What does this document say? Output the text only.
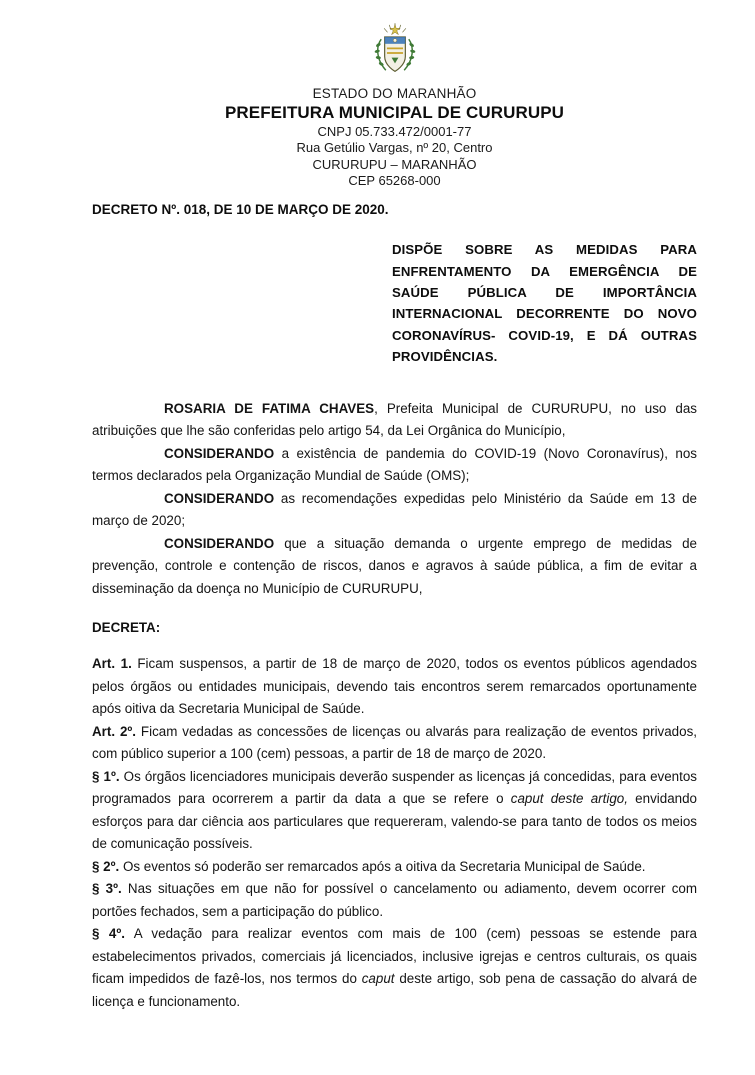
ESTADO DO MARANHÃO
PREFEITURA MUNICIPAL DE CURURUPU
CNPJ 05.733.472/0001-77
Rua Getúlio Vargas, nº 20, Centro
CURURUPU – MARANHÃO
CEP 65268-000
DECRETO Nº. 018, DE 10 DE MARÇO DE 2020.
DISPÕE SOBRE AS MEDIDAS PARA ENFRENTAMENTO DA EMERGÊNCIA DE SAÚDE PÚBLICA DE IMPORTÂNCIA INTERNACIONAL DECORRENTE DO NOVO CORONAVÍRUS- COVID-19, E DÁ OUTRAS PROVIDÊNCIAS.

ROSARIA DE FATIMA CHAVES, Prefeita Municipal de CURURUPU, no uso das atribuições que lhe são conferidas pelo artigo 54, da Lei Orgânica do Município,

CONSIDERANDO a existência de pandemia do COVID-19 (Novo Coronavírus), nos termos declarados pela Organização Mundial de Saúde (OMS);

CONSIDERANDO as recomendações expedidas pelo Ministério da Saúde em 13 de março de 2020;

CONSIDERANDO que a situação demanda o urgente emprego de medidas de prevenção, controle e contenção de riscos, danos e agravos à saúde pública, a fim de evitar a disseminação da doença no Município de CURURUPU,

DECRETA:

Art. 1. Ficam suspensos, a partir de 18 de março de 2020, todos os eventos públicos agendados pelos órgãos ou entidades municipais, devendo tais encontros serem remarcados oportunamente após oitiva da Secretaria Municipal de Saúde.

Art. 2º. Ficam vedadas as concessões de licenças ou alvarás para realização de eventos privados, com público superior a 100 (cem) pessoas, a partir de 18 de março de 2020.

§ 1º. Os órgãos licenciadores municipais deverão suspender as licenças já concedidas, para eventos programados para ocorrerem a partir da data a que se refere o caput deste artigo, envidando esforços para dar ciência aos particulares que requereram, valendo-se para tanto de todos os meios de comunicação possíveis.

§ 2º. Os eventos só poderão ser remarcados após a oitiva da Secretaria Municipal de Saúde.

§ 3º. Nas situações em que não for possível o cancelamento ou adiamento, devem ocorrer com portões fechados, sem a participação do público.

§ 4º. A vedação para realizar eventos com mais de 100 (cem) pessoas se estende para estabelecimentos privados, comerciais já licenciados, inclusive igrejas e centros culturais, os quais ficam impedidos de fazê-los, nos termos do caput deste artigo, sob pena de cassação do alvará de licença e funcionamento.
